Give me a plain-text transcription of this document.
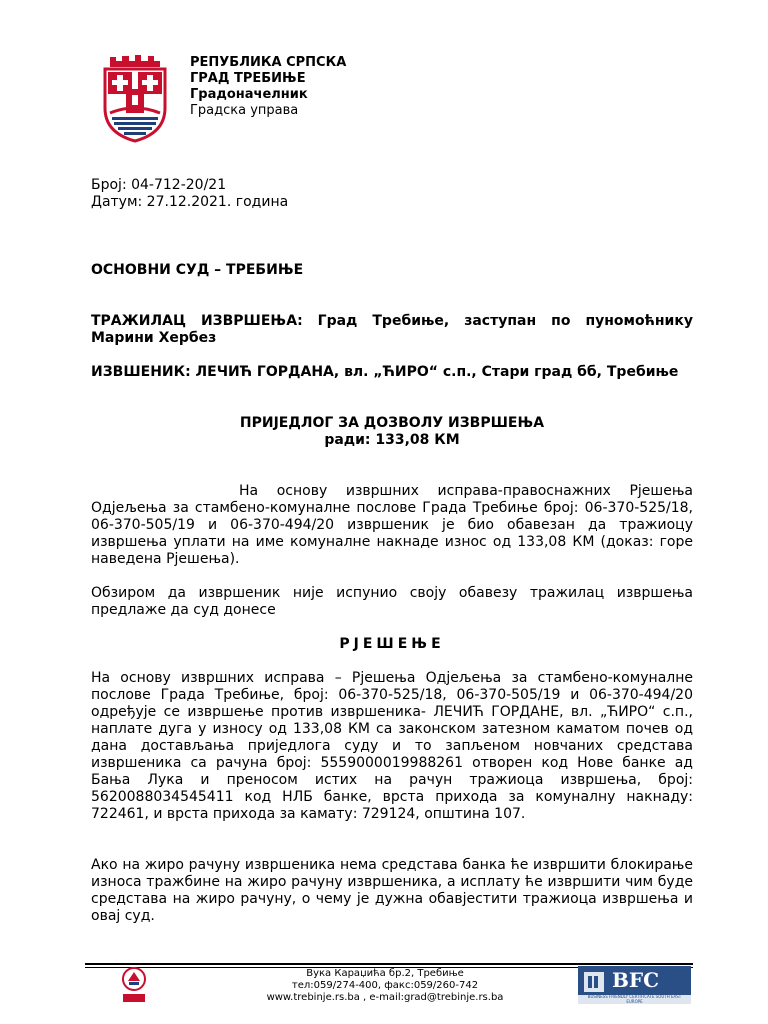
РЕПУБЛИКА СРПСКА
ГРАД ТРЕБИЊЕ
Градоначелник
Градска управа
Број: 04-712-20/21
Датум: 27.12.2021. година
ОСНОВНИ СУД – ТРЕБИЊЕ
ТРАЖИЛАЦ ИЗВРШЕЊА: Град Требиње, заступан по пуномоћнику Марини Хербез
ИЗВШЕНИК: ЛЕЧИЋ ГОРДАНА, вл. „ЋИРО“ с.п., Стари град бб, Требиње
ПРИЈЕДЛОГ ЗА ДОЗВОЛУ ИЗВРШЕЊА
ради: 133,08 КМ
На основу извршних исправа-правоснажних Рјешења Одјељења за стамбено-комуналне послове Града Требиње број: 06-370-525/18, 06-370-505/19 и 06-370-494/20 извршеник је био обавезан да тражиоцу извршења уплати на име комуналне накнаде износ од 133,08 КМ (доказ: горе наведена Рјешења).
Обзиром да извршеник није испунио своју обавезу тражилац извршења предлаже да суд донесе
РЈЕШЕЊЕ
На основу извршних исправа – Рјешења Одјељења за стамбено-комуналне послове Града Требиње, број: 06-370-525/18, 06-370-505/19 и 06-370-494/20 одређује се извршење против извршеника- ЛЕЧИЋ ГОРДАНЕ, вл. „ЋИРО“ с.п., наплате дуга у износу од 133,08 КМ са законском затезном каматом почев од дана достављања приједлога суду и то запљеном новчаних средстава извршеника са рачуна број: 5559000019988261 отворен код Нове банке ад Бања Лука и преносом истих на рачун тражиоца извршења, број: 5620088034545411 код НЛБ банке, врста прихода за комуналну накнаду: 722461, и врста прихода за камату: 729124, општина 107.
Ако на жиро рачуну извршеника нема средстава банка ће извршити блокирање износа тражбине на жиро рачуну извршеника, а исплату ће извршити чим буде средстава на жиро рачуну, о чему је дужна обавјестити тражиоца извршења и овај суд.
Вука Караџића бр.2, Требиње
тел:059/274-400, факс:059/260-742
www.trebinje.rs.ba , e-mail:grad@trebinje.rs.ba
BFC
BUSINESS FRIENDLY CERTIFICATE SOUTH EAST EUROPE
